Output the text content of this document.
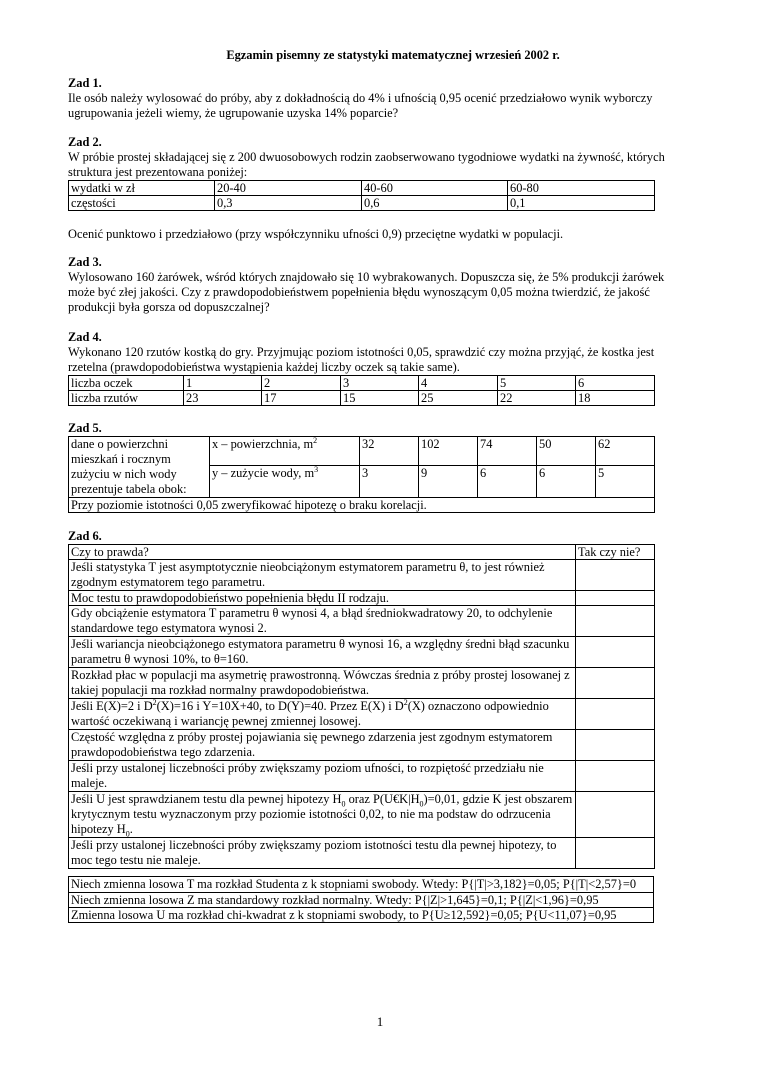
Egzamin pisemny ze statystyki matematycznej wrzesień 2002 r.
Zad 1.
Ile osób należy wylosować do próby, aby z dokładnością do 4% i ufnością 0,95 ocenić przedziałowo wynik wyborczy ugrupowania jeżeli wiemy, że ugrupowanie uzyska 14% poparcie?
Zad 2.
W próbie prostej składającej się z 200 dwuosobowych rodzin zaobserwowano tygodniowe wydatki na żywność, których struktura jest prezentowana poniżej:
wydatki w zł	20-40	40-60	60-80
częstości	0,3	0,6	0,1
Ocenić punktowo i przedziałowo (przy współczynniku ufności 0,9) przeciętne wydatki w populacji.
Zad 3.
Wylosowano 160 żarówek, wśród których znajdowało się 10 wybrakowanych. Dopuszcza się, że 5% produkcji żarówek może być złej jakości. Czy z prawdopodobieństwem popełnienia błędu wynoszącym 0,05 można twierdzić, że jakość produkcji była gorsza od dopuszczalnej?
Zad 4.
Wykonano 120 rzutów kostką do gry. Przyjmując poziom istotności 0,05, sprawdzić czy można przyjąć, że kostka jest rzetelna (prawdopodobieństwa wystąpienia każdej liczby oczek są takie same).
liczba oczek	1	2	3	4	5	6
liczba rzutów	23	17	15	25	22	18
Zad 5.
dane o powierzchni mieszkań i rocznym zużyciu w nich wody prezentuje tabela obok:	x – powierzchnia, $m^2$	32	102	74	50	62
	y – zużycie wody, $m^3$	3	9	6	6	5
Przy poziomie istotności 0,05 zweryfikować hipotezę o braku korelacji.						
Zad 6.
Czy to prawda?	Tak czy nie?
Jeśli statystyka T jest asymptotycznie nieobciążonym estymatorem parametru θ, to jest również zgodnym estymatorem tego parametru.	
Moc testu to prawdopodobieństwo popełnienia błędu II rodzaju.	
Gdy obciążenie estymatora T parametru θ wynosi 4, a błąd średniokwadratowy 20, to odchylenie standardowe tego estymatora wynosi 2.	
Jeśli wariancja nieobciążonego estymatora parametru θ wynosi 16, a względny średni błąd szacunku parametru θ wynosi 10%, to θ=160.	
Rozkład płac w populacji ma asymetrię prawostronną. Wówczas średnia z próby prostej losowanej z takiej populacji ma rozkład normalny prawdopodobieństwa.	
Jeśli E(X)=2 i $D^2(X)=16$ i Y=10X+40, to D(Y)=40. Przez E(X) i $D^2(X)$ oznaczono odpowiednio wartość oczekiwaną i wariancję pewnej zmiennej losowej.	
Częstość względna z próby prostej pojawiania się pewnego zdarzenia jest zgodnym estymatorem prawdopodobieństwa tego zdarzenia.	
Jeśli przy ustalonej liczebności próby zwiększamy poziom ufności, to rozpiętość przedziału nie maleje.	
Jeśli U jest sprawdzianem testu dla pewnej hipotezy $H_0$ oraz $P(U€K|H_0)=0,01$, gdzie K jest obszarem krytycznym testu wyznaczonym przy poziomie istotności 0,02, to nie ma podstaw do odrzucenia hipotezy $H_0$.	
Jeśli przy ustalonej liczebności próby zwiększamy poziom istotności testu dla pewnej hipotezy, to moc tego testu nie maleje.	
Niech zmienna losowa T ma rozkład Studenta z k stopniami swobody. Wtedy: P{|T|>3,182}=0,05; P{|T|<2,57}=0
Niech zmienna losowa Z ma standardowy rozkład normalny. Wtedy: P{|Z|>1,645}=0,1; P{|Z|<1,96}=0,95
Zmienna losowa U ma rozkład chi-kwadrat z k stopniami swobody, to P{U≥12,592}=0,05; P{U<11,07}=0,95
1
